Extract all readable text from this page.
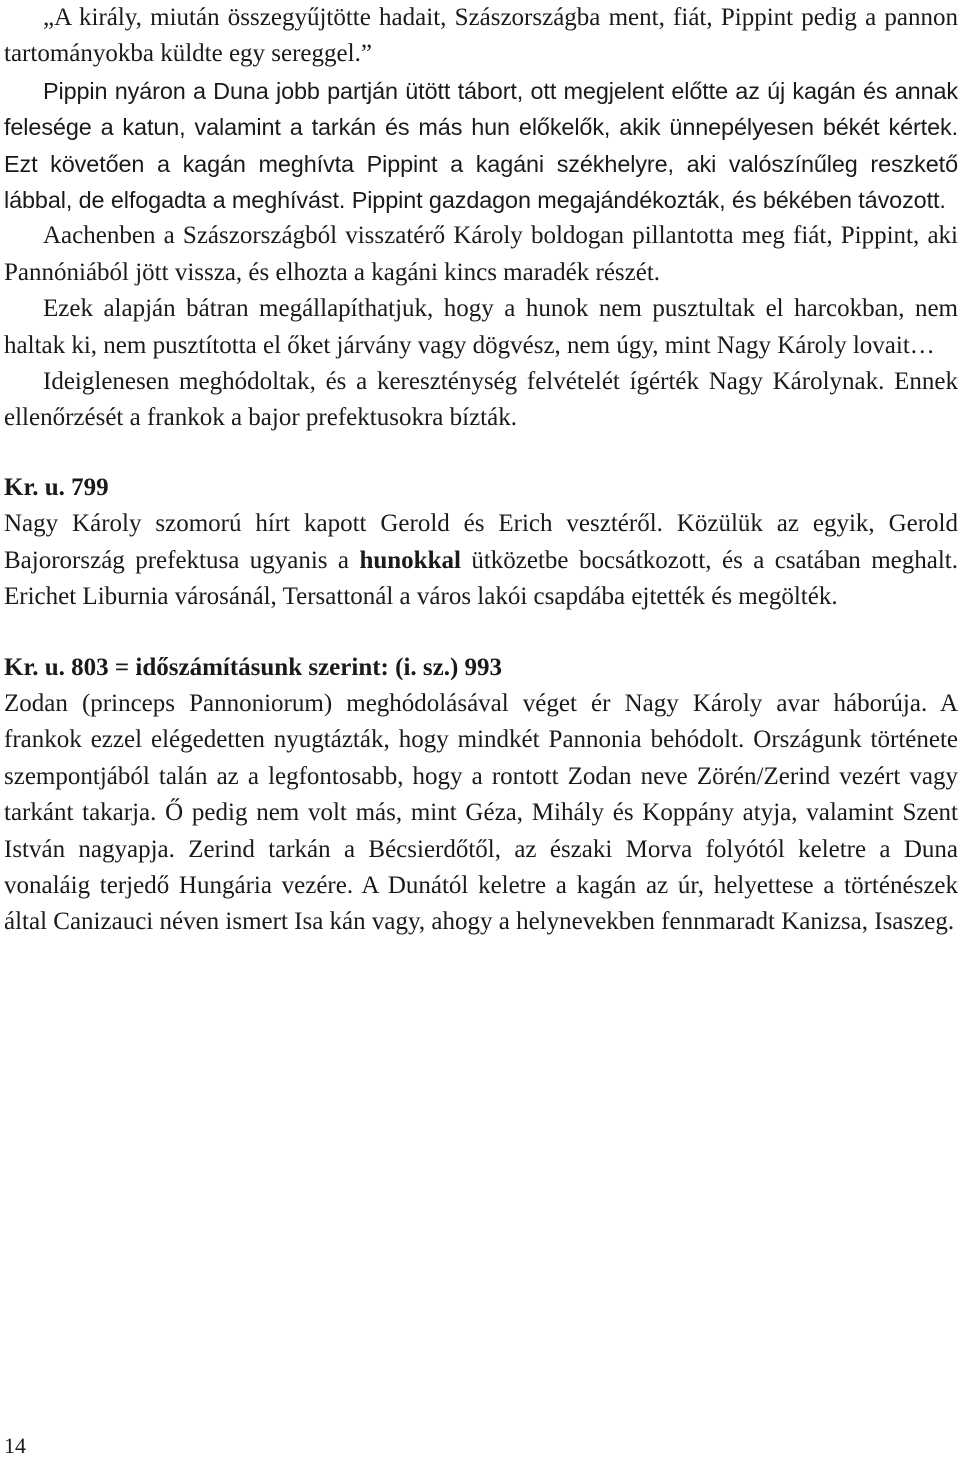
„A király, miután összegyűjtötte hadait, Szászországba ment, fiát, Pippint pedig a pannon tartományokba küldte egy sereggel.”

Pippin nyáron a Duna jobb partján ütött tábort, ott megjelent előtte az új kagán és annak felesége a katun, valamint a tarkán és más hun előkelők, akik ünnepélyesen békét kértek. Ezt követően a kagán meghívta Pippint a kagáni székhelyre, aki valószínűleg reszkető lábbal, de elfogadta a meghívást. Pippint gazdagon megajándékozták, és békében távozott.

Aachenben a Szászországból visszatérő Károly boldogan pillantotta meg fiát, Pippint, aki Pannóniából jött vissza, és elhozta a kagáni kincs maradék részét.

Ezek alapján bátran megállapíthatjuk, hogy a hunok nem pusztultak el harcokban, nem haltak ki, nem pusztította el őket járvány vagy dögvész, nem úgy, mint Nagy Károly lovait…

Ideiglenesen meghódoltak, és a kereszténység felvételét ígérték Nagy Károlynak. Ennek ellenőrzését a frankok a bajor prefektusokra bízták.

Kr. u. 799

Nagy Károly szomorú hírt kapott Gerold és Erich vesztéről. Közülük az egyik, Gerold Bajorország prefektusa ugyanis a hunokkal ütközetbe bocsátkozott, és a csatában meghalt. Erichet Liburnia városánál, Tersattonál a város lakói csapdába ejtették és megölték.

Kr. u. 803 = időszámításunk szerint: (i. sz.) 993

Zodan (princeps Pannoniorum) meghódolásával véget ér Nagy Károly avar háborúja. A frankok ezzel elégedetten nyugtázták, hogy mindkét Pannonia behódolt. Országunk története szempontjából talán az a legfontosabb, hogy a rontott Zodan neve Zörén/Zerind vezért vagy tarkánt takarja. Ő pedig nem volt más, mint Géza, Mihály és Koppány atyja, valamint Szent István nagyapja. Zerind tarkán a Bécsierdőtől, az északi Morva folyótól keletre a Duna vonaláig terjedő Hungária vezére. A Dunától keletre a kagán az úr, helyettese a történészek által Canizauci néven ismert Isa kán vagy, ahogy a helynevekben fennmaradt Kanizsa, Isaszeg.

14
